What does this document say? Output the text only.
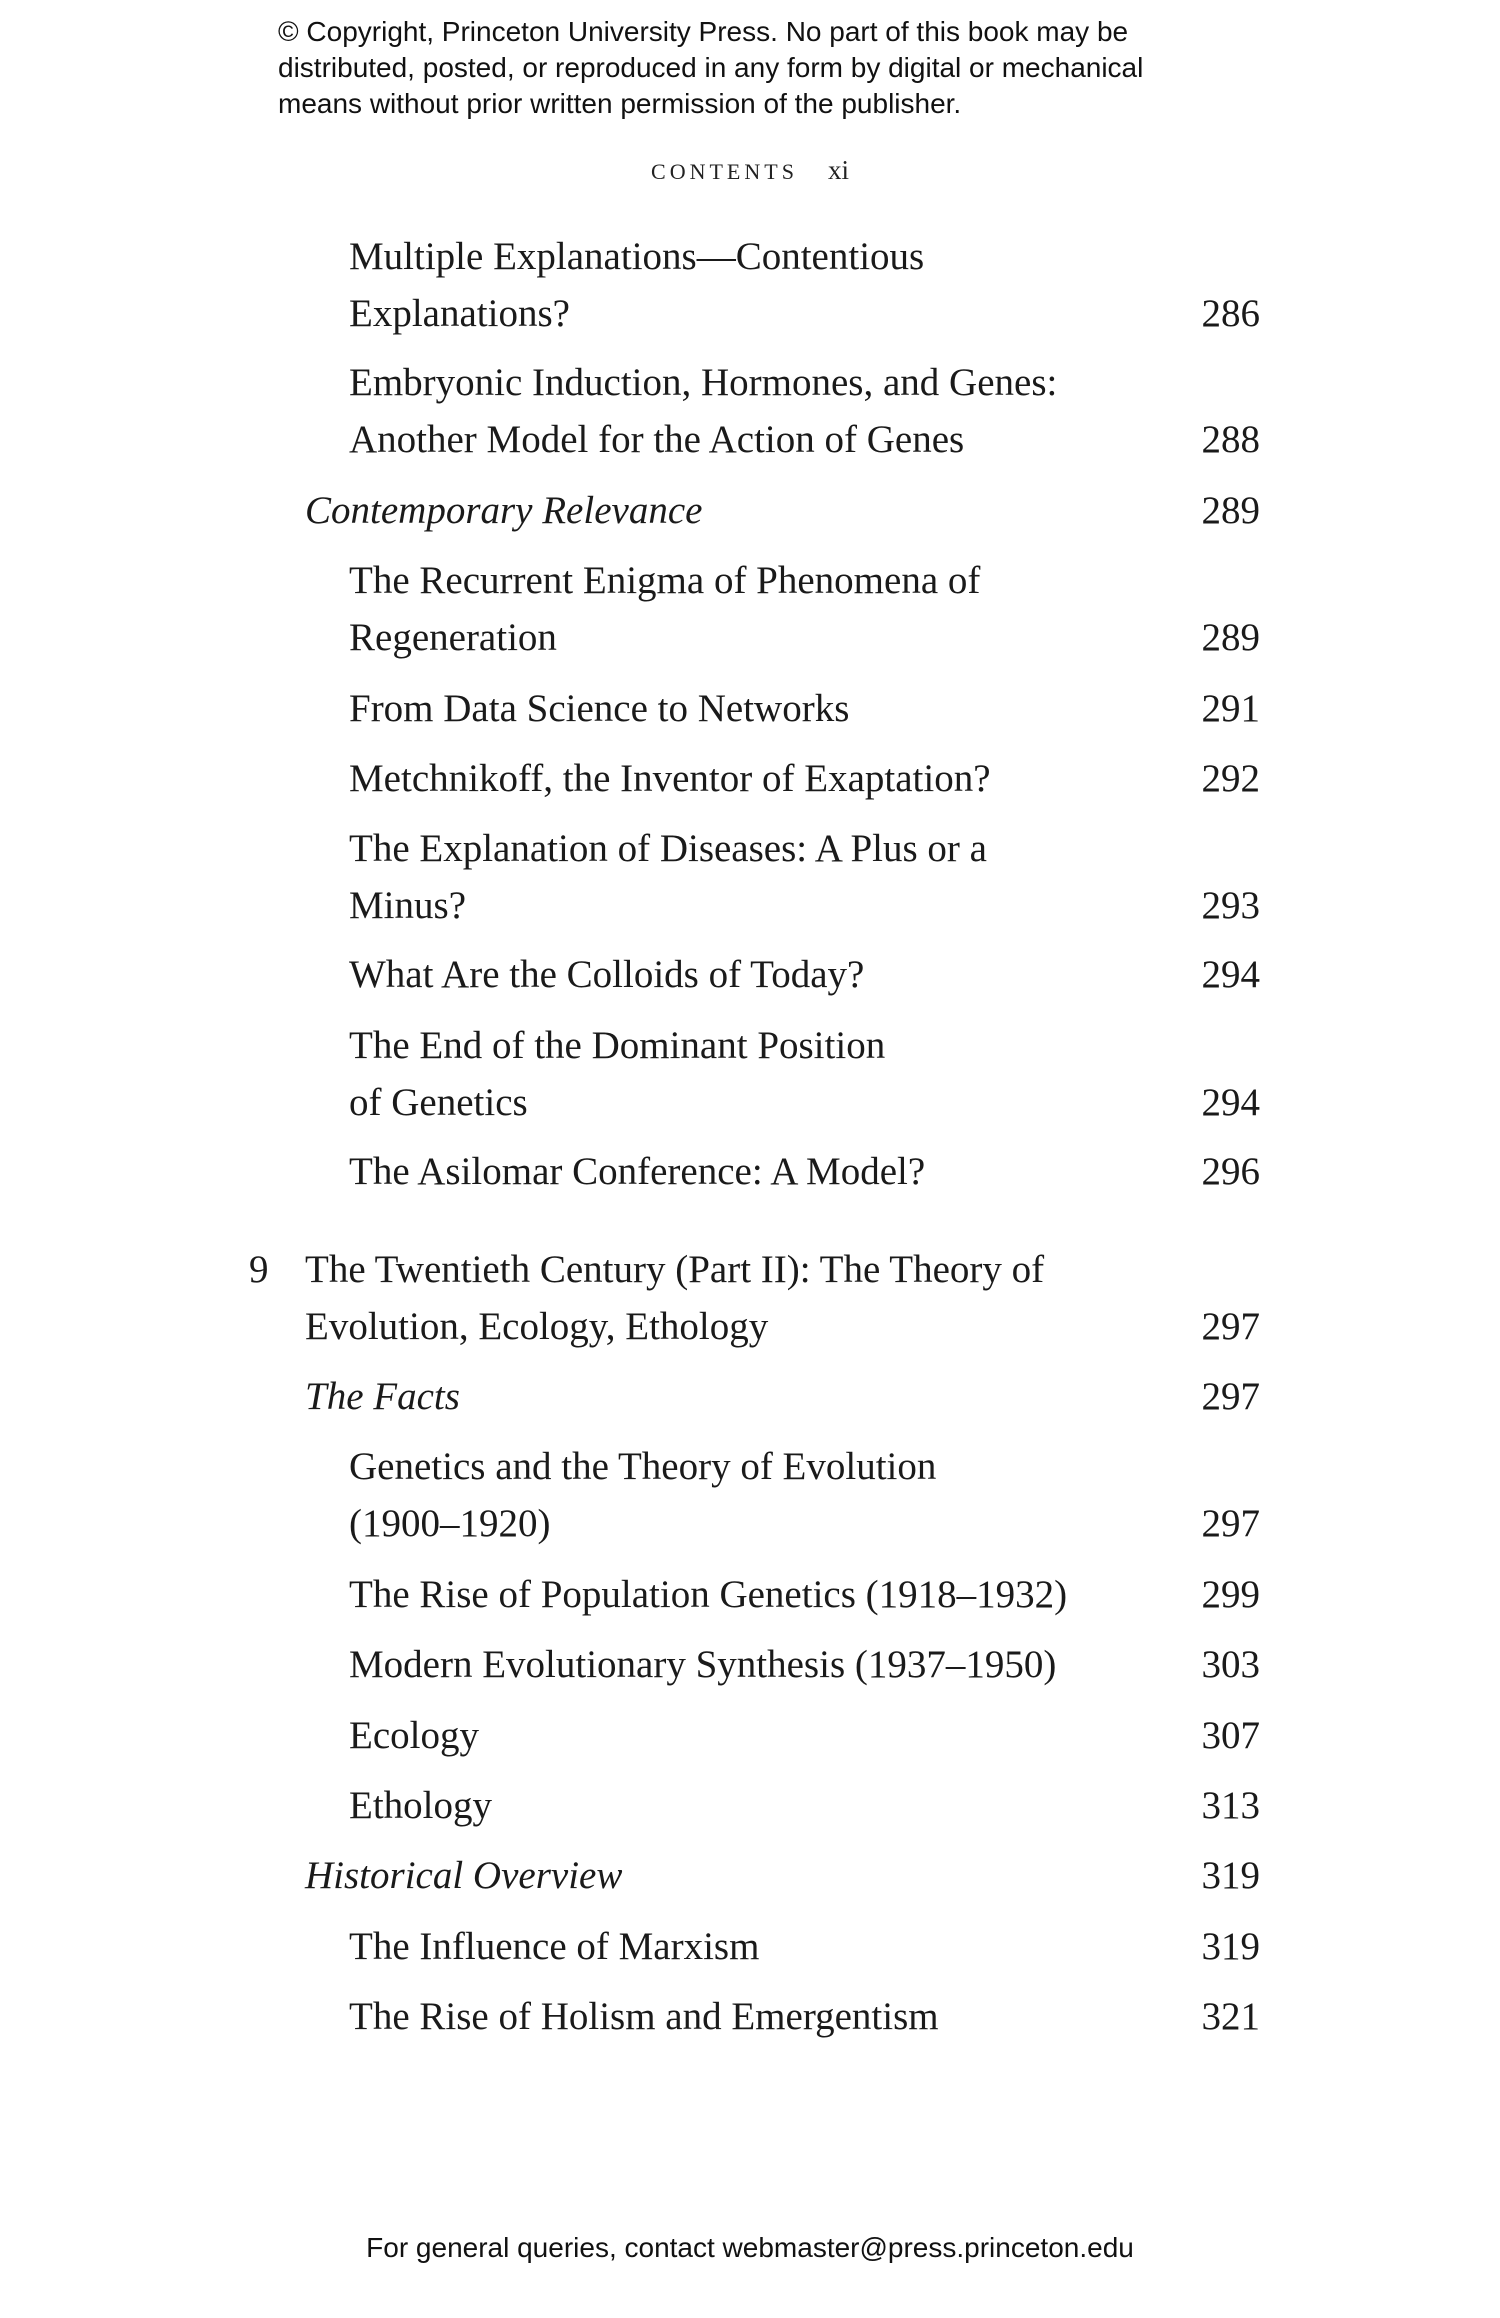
© Copyright, Princeton University Press. No part of this book may be
distributed, posted, or reproduced in any form by digital or mechanical
means without prior written permission of the publisher.
CONTENTS xi
Multiple Explanations—Contentious
Explanations?	286
Embryonic Induction, Hormones, and Genes:
Another Model for the Action of Genes	288
Contemporary Relevance	289
The Recurrent Enigma of Phenomena of
Regeneration	289
From Data Science to Networks	291
Metchnikoff, the Inventor of Exaptation?	292
The Explanation of Diseases: A Plus or a
Minus?	293
What Are the Colloids of Today?	294
The End of the Dominant Position
of Genetics	294
The Asilomar Conference: A Model?	296
9 The Twentieth Century (Part II): The Theory of
Evolution, Ecology, Ethology	297
The Facts	297
Genetics and the Theory of Evolution
(1900–1920)	297
The Rise of Population Genetics (1918–1932)	299
Modern Evolutionary Synthesis (1937–1950)	303
Ecology	307
Ethology	313
Historical Overview	319
The Influence of Marxism	319
The Rise of Holism and Emergentism	321
For general queries, contact webmaster@press.princeton.edu
